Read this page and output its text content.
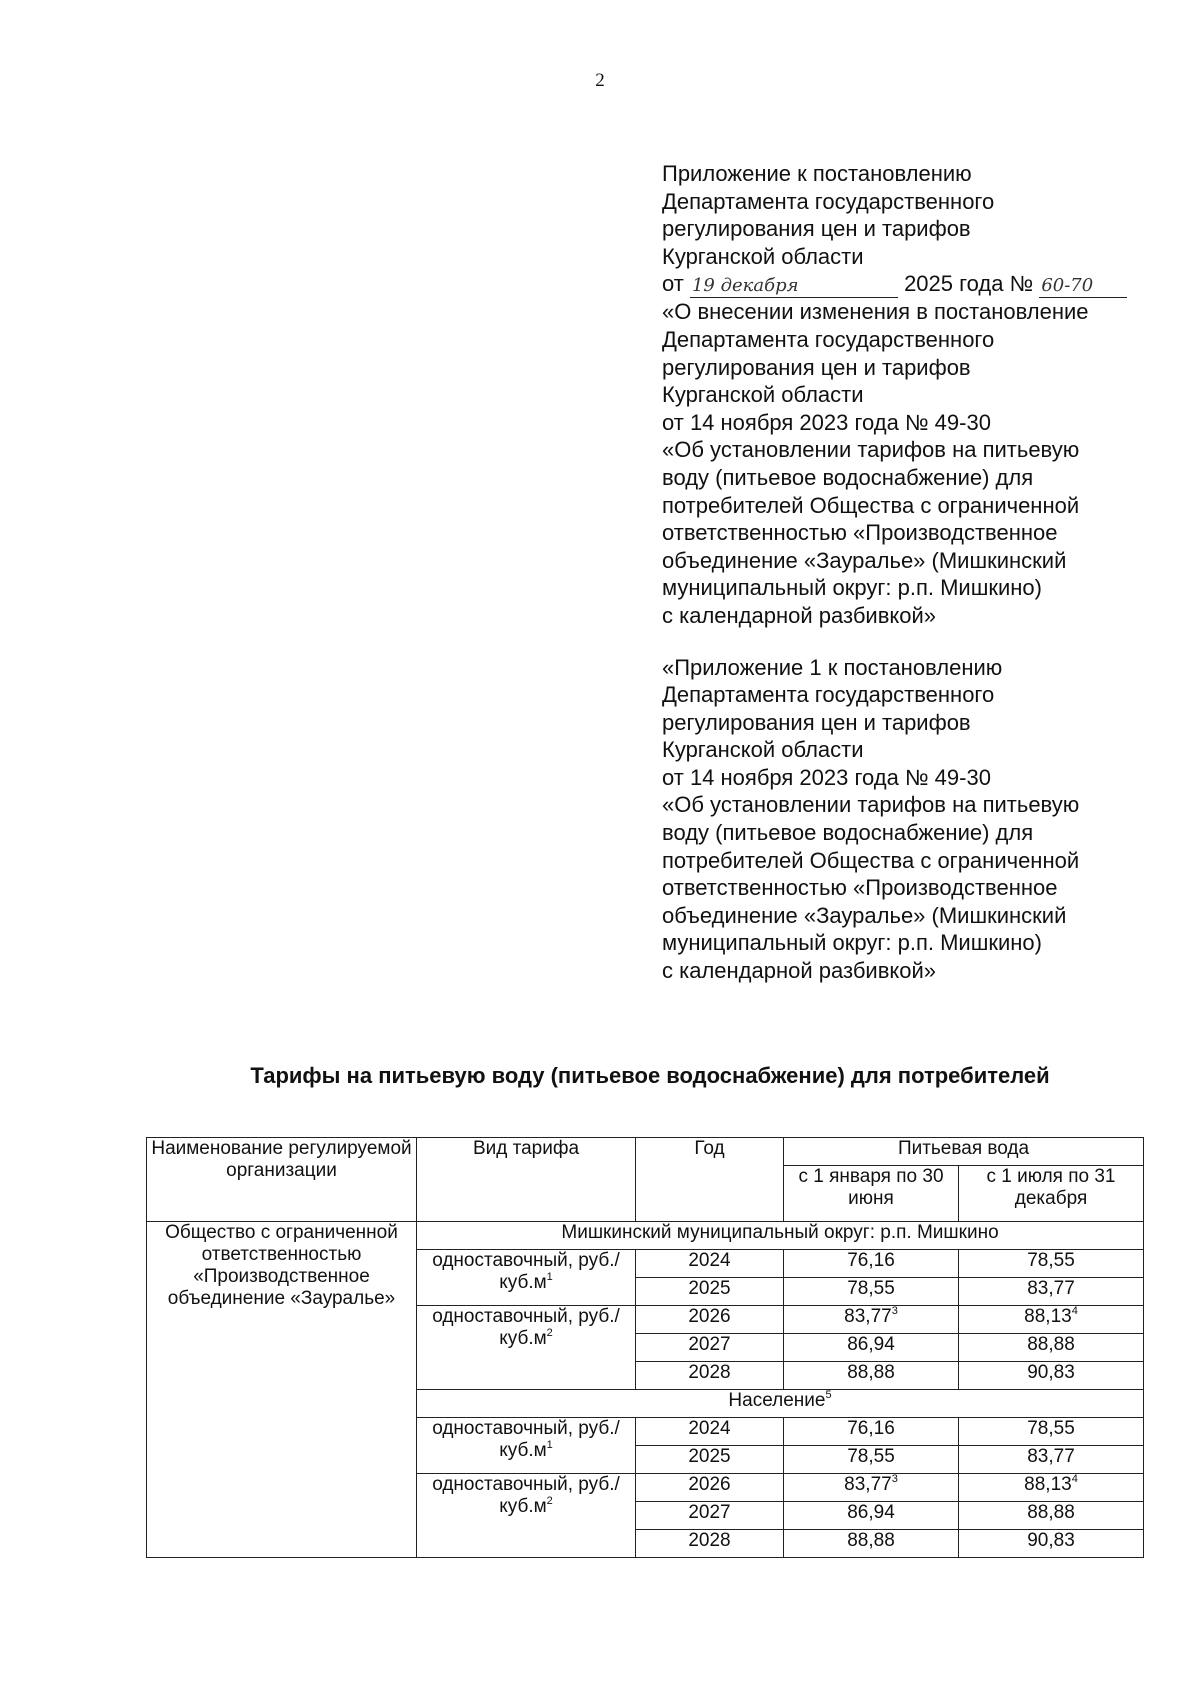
2
Приложение к постановлению
Департамента государственного
регулирования цен и тарифов
Курганской области
от 19 декабря	2025 года № 60-70
«О внесении изменения в постановление
Департамента государственного
регулирования цен и тарифов
Курганской области
от 14 ноября 2023 года № 49-30
«Об установлении тарифов на питьевую
воду (питьевое водоснабжение) для
потребителей Общества с ограниченной
ответственностью «Производственное
объединение «Зауралье» (Мишкинский
муниципальный округ: р.п. Мишкино)
с календарной разбивкой»
«Приложение 1 к постановлению
Департамента государственного
регулирования цен и тарифов
Курганской области
от 14 ноября 2023 года № 49-30
«Об установлении тарифов на питьевую
воду (питьевое водоснабжение) для
потребителей Общества с ограниченной
ответственностью «Производственное
объединение «Зауралье» (Мишкинский
муниципальный округ: р.п. Мишкино)
с календарной разбивкой»
Тарифы на питьевую воду (питьевое водоснабжение) для потребителей
Наименование регулируемой организации	Вид тарифа	Год	Питьевая вода	
			с 1 января по 30 июня	с 1 июля по 31 декабря
Общество с ограниченной ответственностью «Производственное объединение «Зауралье»	Мишкинский муниципальный округ: р.п. Мишкино			
	одноставочный, $руб./куб.м^1$	2024	76,16	78,55
		2025	78,55	83,77
	одноставочный, $руб./куб.м^2$	2026	83,77$^3$	88,13$^4$
		2027	86,94	88,88
		2028	88,88	90,83
	Население$^5$
	одноставочный, $руб./куб.м^1$	2024	76,16	78,55
		2025	78,55	83,77
	одноставочный, $руб./куб.м^2$	2026	83,77$^3$	88,13$^4$
		2027	86,94	88,88
		2028	88,88	90,83
